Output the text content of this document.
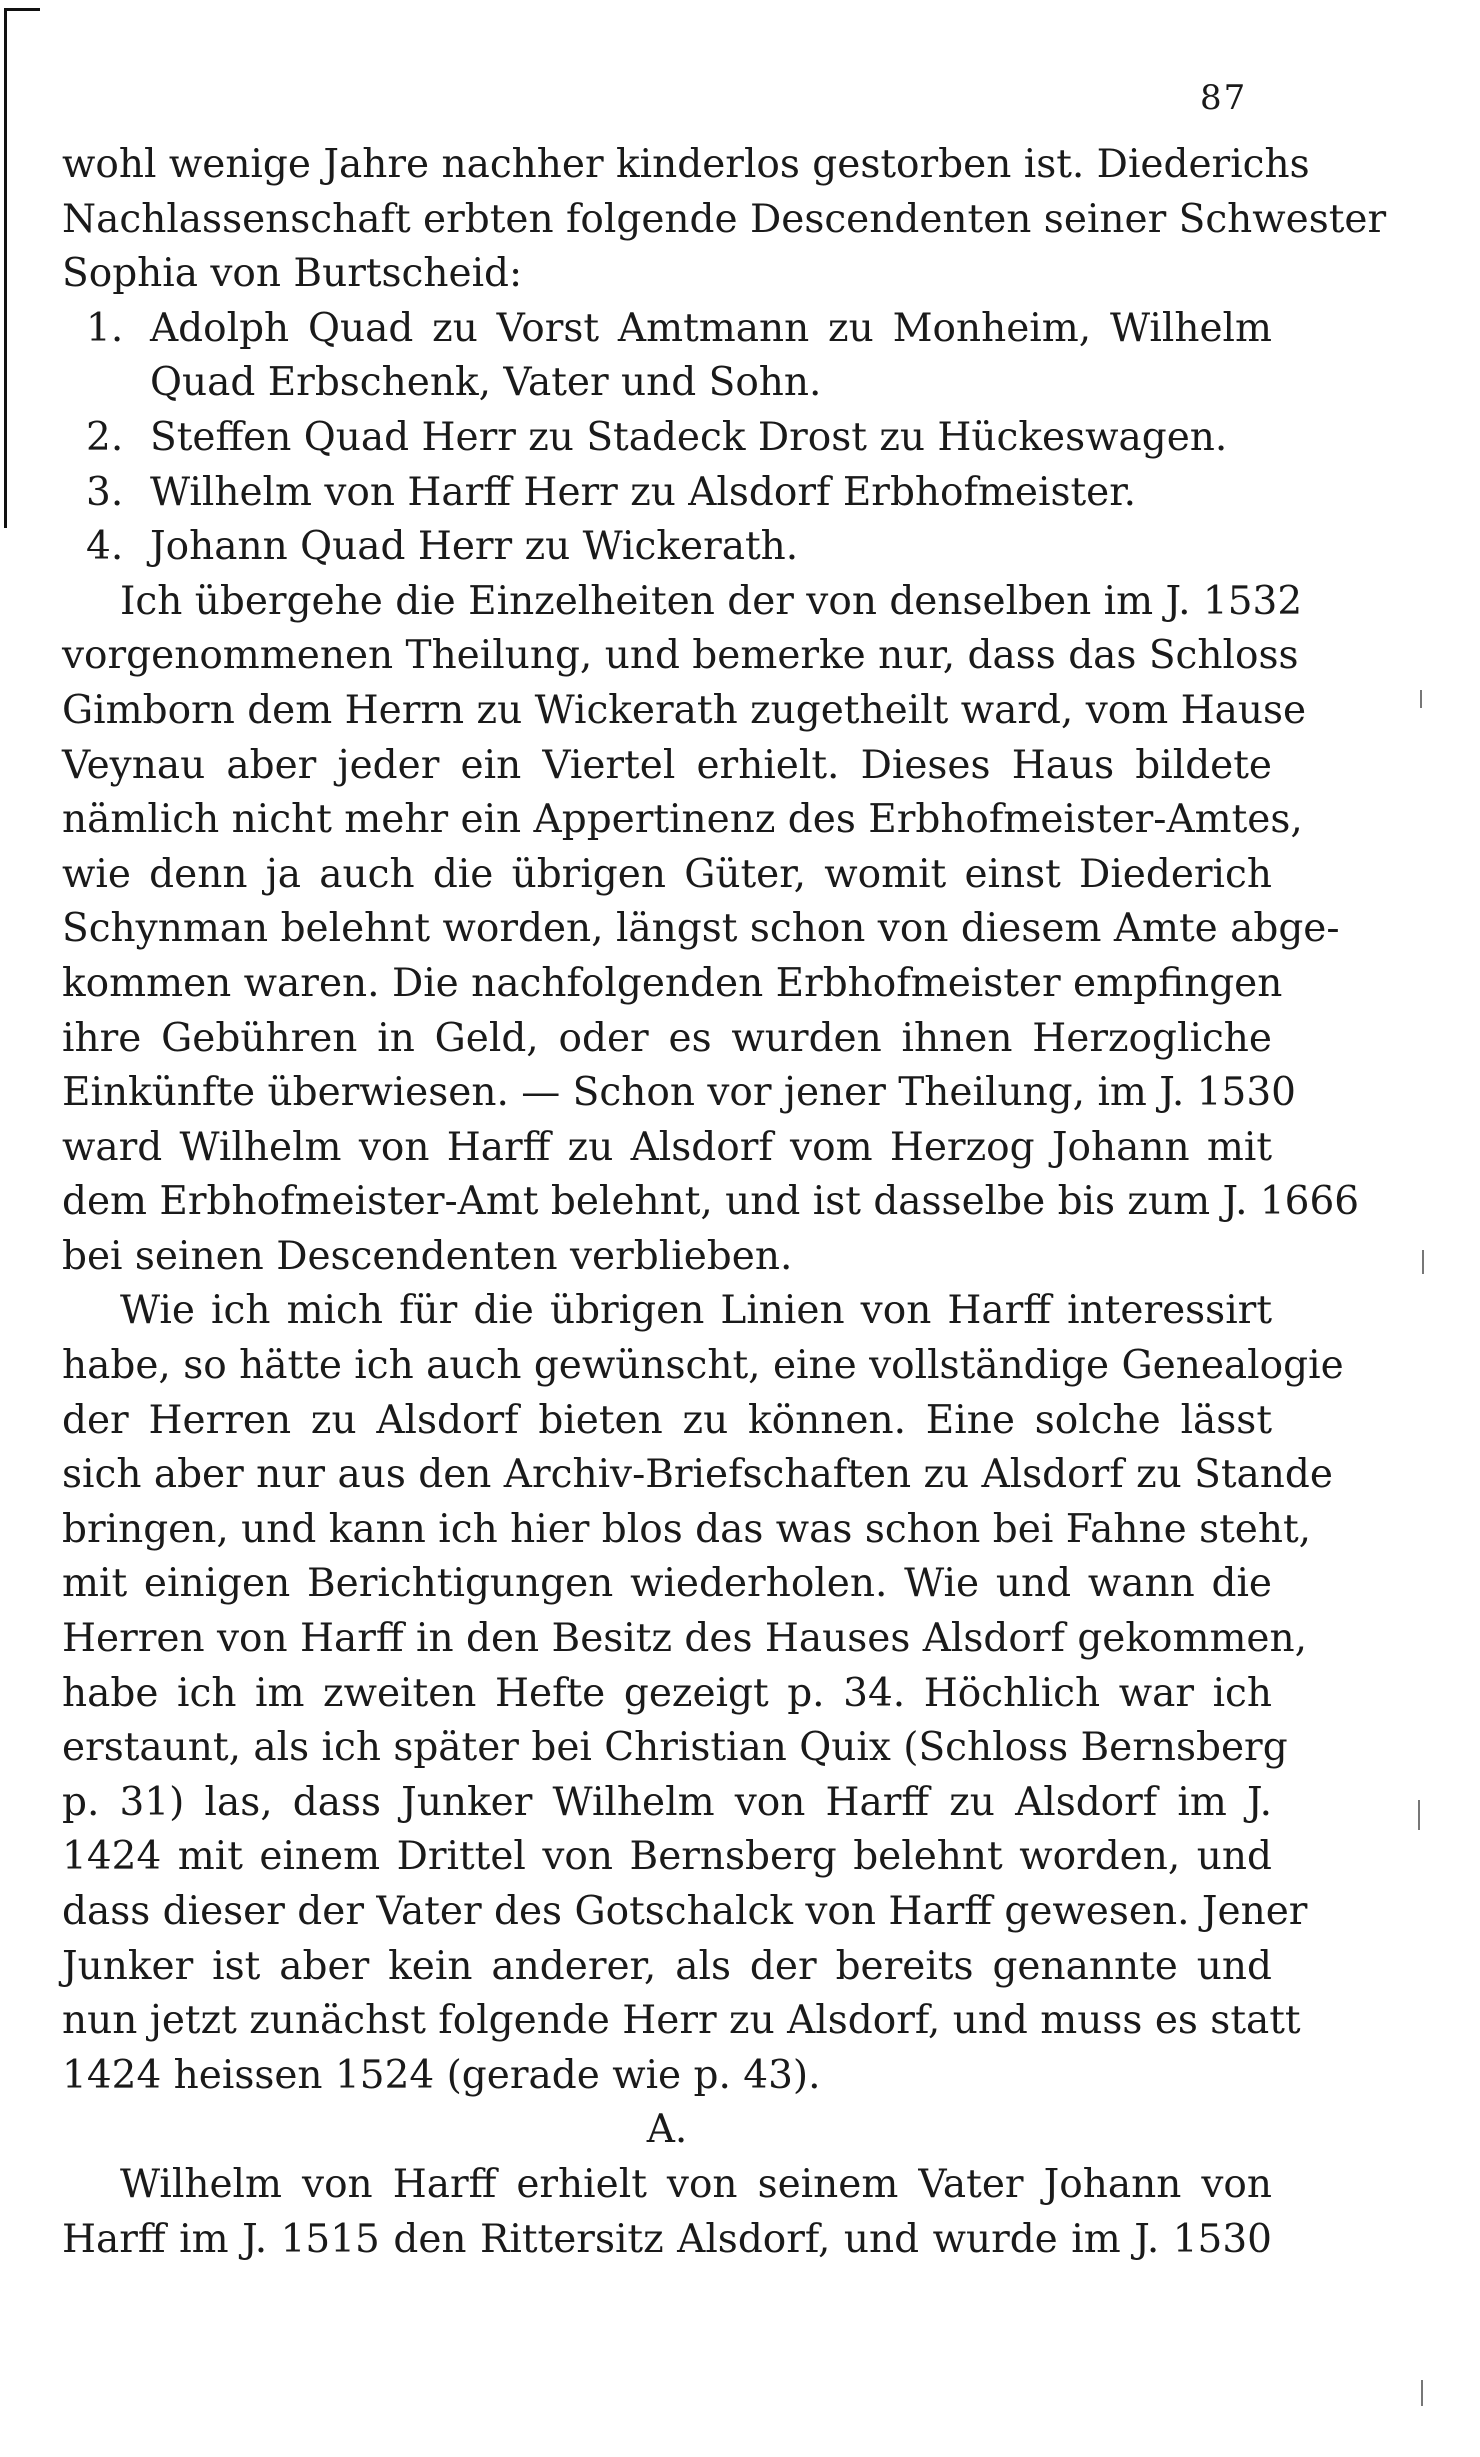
87
wohl wenige Jahre nachher kinderlos gestorben ist. Diederichs
Nachlassenschaft erbten folgende Descendenten seiner Schwester
Sophia von Burtscheid:
1. Adolph Quad zu Vorst Amtmann zu Monheim, Wilhelm
Quad Erbschenk, Vater und Sohn.
2. Steffen Quad Herr zu Stadeck Drost zu Hückeswagen.
3. Wilhelm von Harff Herr zu Alsdorf Erbhofmeister.
4. Johann Quad Herr zu Wickerath.
Ich übergehe die Einzelheiten der von denselben im J. 1532
vorgenommenen Theilung, und bemerke nur, dass das Schloss
Gimborn dem Herrn zu Wickerath zugetheilt ward, vom Hause
Veynau aber jeder ein Viertel erhielt. Dieses Haus bildete
nämlich nicht mehr ein Appertinenz des Erbhofmeister-Amtes,
wie denn ja auch die übrigen Güter, womit einst Diederich
Schynman belehnt worden, längst schon von diesem Amte abge-
kommen waren. Die nachfolgenden Erbhofmeister empfingen
ihre Gebühren in Geld, oder es wurden ihnen Herzogliche
Einkünfte überwiesen. — Schon vor jener Theilung, im J. 1530
ward Wilhelm von Harff zu Alsdorf vom Herzog Johann mit
dem Erbhofmeister-Amt belehnt, und ist dasselbe bis zum J. 1666
bei seinen Descendenten verblieben.
Wie ich mich für die übrigen Linien von Harff interessirt
habe, so hätte ich auch gewünscht, eine vollständige Genealogie
der Herren zu Alsdorf bieten zu können. Eine solche lässt
sich aber nur aus den Archiv-Briefschaften zu Alsdorf zu Stande
bringen, und kann ich hier blos das was schon bei Fahne steht,
mit einigen Berichtigungen wiederholen. Wie und wann die
Herren von Harff in den Besitz des Hauses Alsdorf gekommen,
habe ich im zweiten Hefte gezeigt p. 34. Höchlich war ich
erstaunt, als ich später bei Christian Quix (Schloss Bernsberg
p. 31) las, dass Junker Wilhelm von Harff zu Alsdorf im J.
1424 mit einem Drittel von Bernsberg belehnt worden, und
dass dieser der Vater des Gotschalck von Harff gewesen. Jener
Junker ist aber kein anderer, als der bereits genannte und
nun jetzt zunächst folgende Herr zu Alsdorf, und muss es statt
1424 heissen 1524 (gerade wie p. 43).
A.
Wilhelm von Harff erhielt von seinem Vater Johann von
Harff im J. 1515 den Rittersitz Alsdorf, und wurde im J. 1530
